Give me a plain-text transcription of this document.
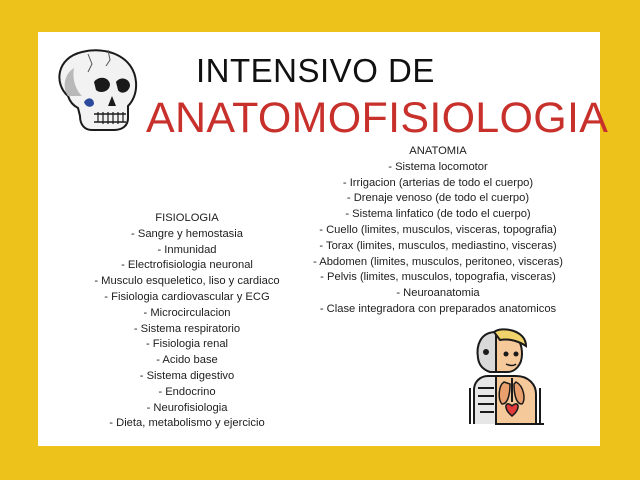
INTENSIVO DE
ANATOMOFISIOLOGIA
ANATOMIA
- Sistema locomotor
- Irrigacion (arterias de todo el cuerpo)
- Drenaje venoso (de todo el cuerpo)
- Sistema linfatico (de todo el cuerpo)
- Cuello (limites, musculos, visceras, topografia)
- Torax (limites, musculos, mediastino, visceras)
- Abdomen (limites, musculos, peritoneo, visceras)
- Pelvis (limites, musculos, topografia, visceras)
- Neuroanatomia
- Clase integradora con preparados anatomicos
FISIOLOGIA
- Sangre y hemostasia
- Inmunidad
- Electrofisiologia neuronal
- Musculo esqueletico, liso y cardiaco
- Fisiologia cardiovascular y ECG
- Microcirculacion
- Sistema respiratorio
- Fisiologia renal
- Acido base
- Sistema digestivo
- Endocrino
- Neurofisiologia
- Dieta, metabolismo y ejercicio
